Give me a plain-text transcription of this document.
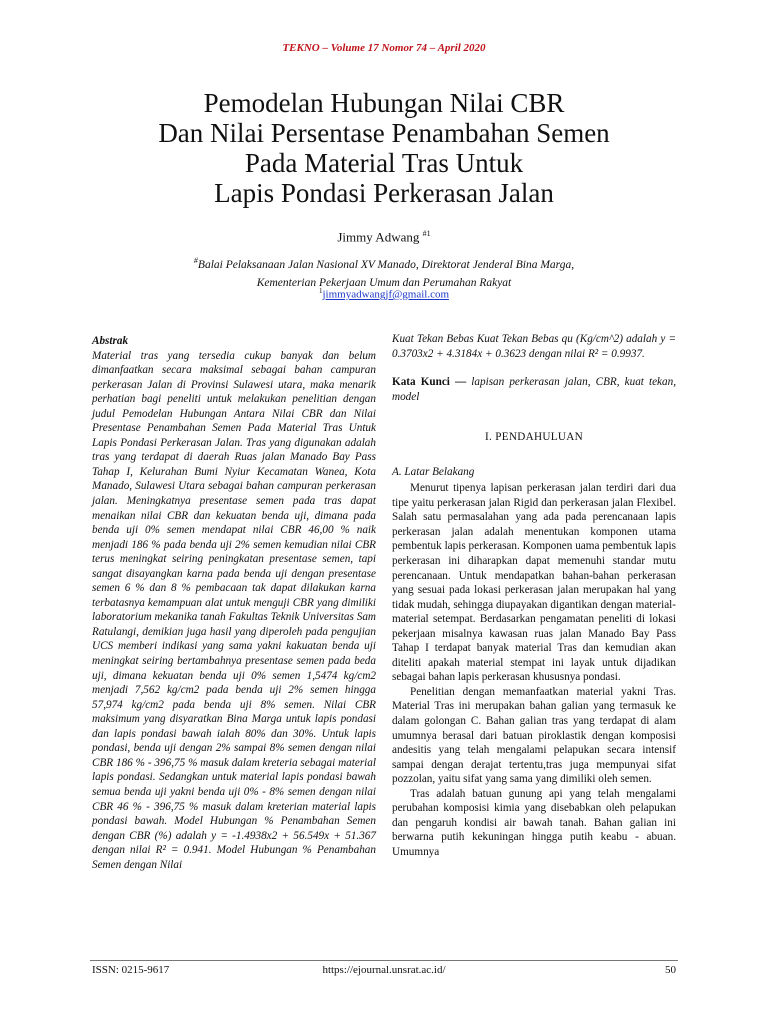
TEKNO – Volume 17 Nomor 74 – April 2020
Pemodelan Hubungan Nilai CBR
Dan Nilai Persentase Penambahan Semen
Pada Material Tras Untuk
Lapis Pondasi Perkerasan Jalan
Jimmy Adwang $^{\#1}$
#Balai Pelaksanaan Jalan Nasional XV Manado, Direktorat Jenderal Bina Marga,
Kementerian Pekerjaan Umum dan Perumahan Rakyat
$^1$jimmyadwangjf@gmail.com
Abstrak
Material tras yang tersedia cukup banyak dan belum dimanfaatkan secara maksimal sebagai bahan campuran perkerasan Jalan di Provinsi Sulawesi utara, maka menarik perhatian bagi peneliti untuk melakukan penelitian dengan judul Pemodelan Hubungan Antara Nilai CBR dan Nilai Presentase Penambahan Semen Pada Material Tras Untuk Lapis Pondasi Perkerasan Jalan. Tras yang digunakan adalah tras yang terdapat di daerah Ruas jalan Manado Bay Pass Tahap I, Kelurahan Bumi Nyiur Kecamatan Wanea, Kota Manado, Sulawesi Utara sebagai bahan campuran perkerasan jalan. Meningkatnya presentase semen pada tras dapat menaikan nilai CBR dan kekuatan benda uji, dimana pada benda uji 0% semen mendapat nilai CBR 46,00 % naik menjadi 186 % pada benda uji 2% semen kemudian nilai CBR terus meningkat seiring peningkatan presentase semen, tapi sangat disayangkan karna pada benda uji dengan presentase semen 6 % dan 8 % pembacaan tak dapat dilakukan karna terbatasnya kemampuan alat untuk menguji CBR yang dimiliki laboratorium mekanika tanah Fakultas Teknik Universitas Sam Ratulangi, demikian juga hasil yang diperoleh pada pengujian UCS memberi indikasi yang sama yakni kakuatan benda uji meningkat seiring bertambahnya presentase semen pada beda uji, dimana kekuatan benda uji 0% semen 1,5474 kg/cm2 menjadi 7,562 kg/cm2 pada benda uji 2% semen hingga 57,974 kg/cm2 pada benda uji 8% semen. Nilai CBR maksimum yang disyaratkan Bina Marga untuk lapis pondasi dan lapis pondasi bawah ialah 80% dan 30%. Untuk lapis pondasi, benda uji dengan 2% sampai 8% semen dengan nilai CBR 186 % - 396,75 % masuk dalam kreteria sebagai material lapis pondasi. Sedangkan untuk material lapis pondasi bawah semua benda uji yakni benda uji 0% - 8% semen dengan nilai CBR 46 % - 396,75 % masuk dalam kreterian material lapis pondasi bawah. Model Hubungan % Penambahan Semen dengan CBR (%) adalah y = -1.4938x2 + 56.549x + 51.367 dengan nilai R² = 0.941. Model Hubungan % Penambahan Semen dengan Nilai
Kuat Tekan Bebas Kuat Tekan Bebas qu (Kg/cm^2) adalah y = 0.3703x2 + 4.3184x + 0.3623 dengan nilai R² = 0.9937.
Kata Kunci — lapisan perkerasan jalan, CBR, kuat tekan, model
I. PENDAHULUAN
A. Latar Belakang

Menurut tipenya lapisan perkerasan jalan terdiri dari dua tipe yaitu perkerasan jalan Rigid dan perkerasan jalan Flexibel. Salah satu permasalahan yang ada pada perencanaan lapis perkerasan jalan adalah menentukan komponen utama pembentuk lapis perkerasan. Komponen uama pembentuk lapis perkerasan ini diharapkan dapat memenuhi standar mutu perencanaan. Untuk mendapatkan bahan-bahan perkerasan yang sesuai pada lokasi perkerasan jalan merupakan hal yang tidak mudah, sehingga diupayakan digantikan dengan material- material setempat. Berdasarkan pengamatan peneliti di lokasi pekerjaan misalnya kawasan ruas jalan Manado Bay Pass Tahap I terdapat banyak material Tras dan kemudian akan diteliti apakah material stempat ini layak untuk dijadikan sebagai bahan lapis perkerasan khususnya pondasi.

Penelitian dengan memanfaatkan material yakni Tras. Material Tras ini merupakan bahan galian yang termasuk ke dalam golongan C. Bahan galian tras yang terdapat di alam umumnya berasal dari batuan piroklastik dengan komposisi andesitis yang telah mengalami pelapukan secara intensif sampai dengan derajat tertentu,tras juga mempunyai sifat pozzolan, yaitu sifat yang sama yang dimiliki oleh semen.

Tras adalah batuan gunung api yang telah mengalami perubahan komposisi kimia yang disebabkan oleh pelapukan dan pengaruh kondisi air bawah tanah. Bahan galian ini berwarna putih kekuningan hingga putih keabu - abuan. Umumnya

ISSN: 0215-9617	https://ejournal.unsrat.ac.id/	50
